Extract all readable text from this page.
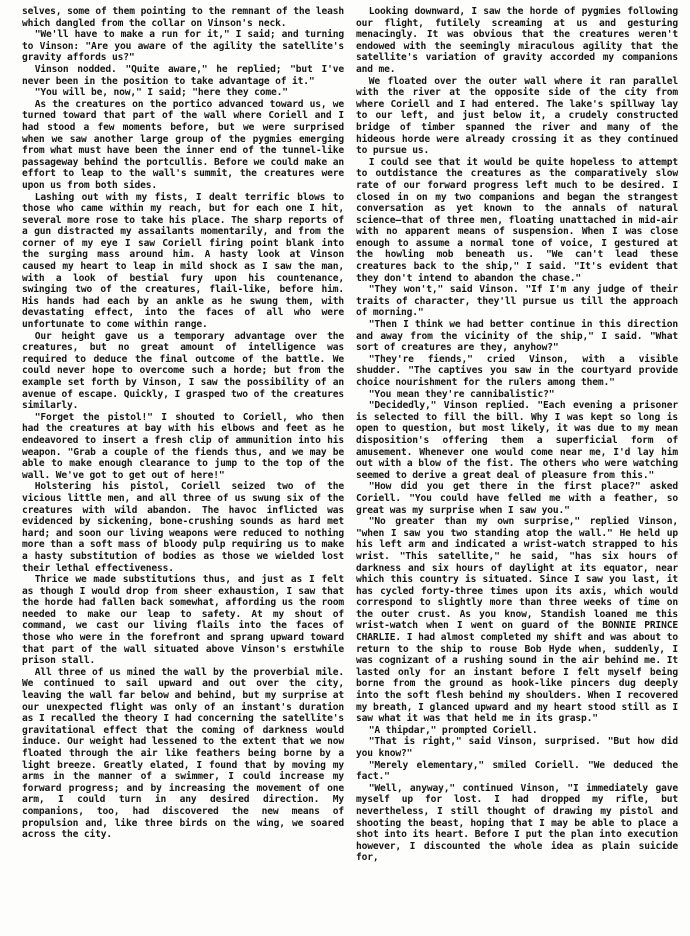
selves, some of them pointing to the remnant of the leash which dangled from the collar on Vinson's neck.

"We'll have to make a run for it," I said; and turning to Vinson: "Are you aware of the agility the satellite's gravity affords us?"

Vinson nodded. "Quite aware," he replied; "but I've never been in the position to take advantage of it."

"You will be, now," I said; "here they come."

As the creatures on the portico advanced toward us, we turned toward that part of the wall where Coriell and I had stood a few moments before, but we were surprised when we saw another large group of the pygmies emerging from what must have been the inner end of the tunnel-like passageway behind the portcullis. Before we could make an effort to leap to the wall's summit, the creatures were upon us from both sides.

Lashing out with my fists, I dealt terrific blows to those who came within my reach, but for each one I hit, several more rose to take his place. The sharp reports of a gun distracted my assailants momentarily, and from the corner of my eye I saw Coriell firing point blank into the surging mass around him. A hasty look at Vinson caused my heart to leap in mild shock as I saw the man, with a look of bestial fury upon his countenance, swinging two of the creatures, flail-like, before him. His hands had each by an ankle as he swung them, with devastating effect, into the faces of all who were unfortunate to come within range.

Our height gave us a temporary advantage over the creatures, but no great amount of intelligence was required to deduce the final outcome of the battle. We could never hope to overcome such a horde; but from the example set forth by Vinson, I saw the possibility of an avenue of escape. Quickly, I grasped two of the creatures similarly.

"Forget the pistol!" I shouted to Coriell, who then had the creatures at bay with his elbows and feet as he endeavored to insert a fresh clip of ammunition into his weapon. "Grab a couple of the fiends thus, and we may be able to make enough clearance to jump to the top of the wall. We've got to get out of here!"

Holstering his pistol, Coriell seized two of the vicious little men, and all three of us swung six of the creatures with wild abandon. The havoc inflicted was evidenced by sickening, bone-crushing sounds as hard met hard; and soon our living weapons were reduced to nothing more than a soft mass of bloody pulp requiring us to make a hasty substitution of bodies as those we wielded lost their lethal effectiveness.

Thrice we made substitutions thus, and just as I felt as though I would drop from sheer exhaustion, I saw that the horde had fallen back somewhat, affording us the room needed to make our leap to safety. At my shout of command, we cast our living flails into the faces of those who were in the forefront and sprang upward toward that part of the wall situated above Vinson's erstwhile prison stall.

All three of us mined the wall by the proverbial mile. We continued to sail upward and out over the city, leaving the wall far below and behind, but my surprise at our unexpected flight was only of an instant's duration as I recalled the theory I had concerning the satellite's gravitational effect that the coming of darkness would induce. Our weight had lessened to the extent that we now floated through the air like feathers being borne by a light breeze. Greatly elated, I found that by moving my arms in the manner of a swimmer, I could increase my forward progress; and by increasing the movement of one arm, I could turn in any desired direction. My companions, too, had discovered the new means of propulsion and, like three birds on the wing, we soared across the city.

Looking downward, I saw the horde of pygmies following our flight, futilely screaming at us and gesturing menacingly. It was obvious that the creatures weren't endowed with the seemingly miraculous agility that the satellite's variation of gravity accorded my companions and me.

We floated over the outer wall where it ran parallel with the river at the opposite side of the city from where Coriell and I had entered. The lake's spillway lay to our left, and just below it, a crudely constructed bridge of timber spanned the river and many of the hideous horde were already crossing it as they continued to pursue us.

I could see that it would be quite hopeless to attempt to outdistance the creatures as the comparatively slow rate of our forward progress left much to be desired. I closed in on my two companions and began the strangest conversation as yet known to the annals of natural science—that of three men, floating unattached in mid-air with no apparent means of suspension. When I was close enough to assume a normal tone of voice, I gestured at the howling mob beneath us. "We can't lead these creatures back to the ship," I said. "It's evident that they don't intend to abandon the chase."

"They won't," said Vinson. "If I'm any judge of their traits of character, they'll pursue us till the approach of morning."

"Then I think we had better continue in this direction and away from the vicinity of the ship," I said. "What sort of creatures are they, anyhow?"

"They're fiends," cried Vinson, with a visible shudder. "The captives you saw in the courtyard provide choice nourishment for the rulers among them."

"You mean they're cannibalistic?"

"Decidedly," Vinson replied. "Each evening a prisoner is selected to fill the bill. Why I was kept so long is open to question, but most likely, it was due to my mean disposition's offering them a superficial form of amusement. Whenever one would come near me, I'd lay him out with a blow of the fist. The others who were watching seemed to derive a great deal of pleasure from this."

"How did you get there in the first place?" asked Coriell. "You could have felled me with a feather, so great was my surprise when I saw you."

"No greater than my own surprise," replied Vinson, "when I saw you two standing atop the wall." He held up his left arm and indicated a wrist-watch strapped to his wrist. "This satellite," he said, "has six hours of darkness and six hours of daylight at its equator, near which this country is situated. Since I saw you last, it has cycled forty-three times upon its axis, which would correspond to slightly more than three weeks of time on the outer crust. As you know, Standish loaned me this wrist-watch when I went on guard of the BONNIE PRINCE CHARLIE. I had almost completed my shift and was about to return to the ship to rouse Bob Hyde when, suddenly, I was cognizant of a rushing sound in the air behind me. It lasted only for an instant before I felt myself being borne from the ground as hook-like pincers dug deeply into the soft flesh behind my shoulders. When I recovered my breath, I glanced upward and my heart stood still as I saw what it was that held me in its grasp."

"A thipdar," prompted Coriell.

"That is right," said Vinson, surprised. "But how did you know?"

"Merely elementary," smiled Coriell. "We deduced the fact."

"Well, anyway," continued Vinson, "I immediately gave myself up for lost. I had dropped my rifle, but nevertheless, I still thought of drawing my pistol and shooting the beast, hoping that I may be able to place a shot into its heart. Before I put the plan into execution however, I discounted the whole idea as plain suicide for,
